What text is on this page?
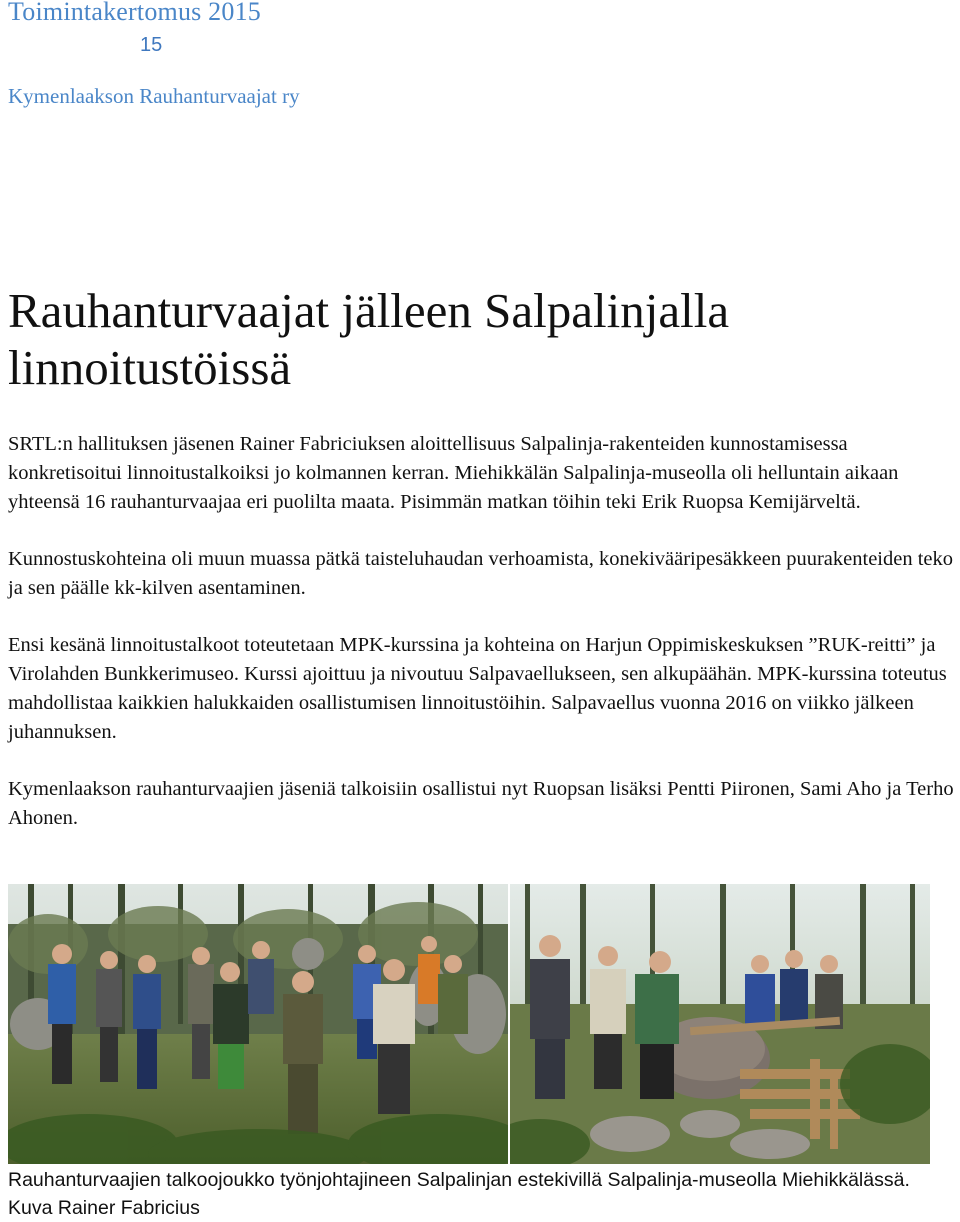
Toimintakertomus 2015
15
Kymenlaakson Rauhanturvaajat ry
Rauhanturvaajat jälleen Salpalinjalla linnoitustöissä

SRTL:n hallituksen jäsenen Rainer Fabriciuksen aloittellisuus Salpalinja-rakenteiden kunnostamisessa konkretisoitui linnoitustalkoiksi jo kolmannen kerran. Miehikkälän Salpalinja-museolla oli helluntain aikaan yhteensä 16 rauhanturvaajaa eri puolilta maata. Pisimmän matkan töihin teki Erik Ruopsa Kemijärveltä.

Kunnostuskohteina oli muun muassa pätkä taisteluhaudan verhoamista, konekivääripesäkkeen puurakenteiden teko ja sen päälle kk-kilven asentaminen.

Ensi kesänä linnoitustalkoot toteutetaan MPK-kurssina ja kohteina on Harjun Oppimiskeskuksen ”RUK-reitti” ja Virolahden Bunkkerimuseo. Kurssi ajoittuu ja nivoutuu Salpavaellukseen, sen alkupäähän. MPK-kurssina toteutus mahdollistaa kaikkien halukkaiden osallistumisen linnoitustöihin. Salpavaellus vuonna 2016 on viikko jälkeen juhannuksen.

Kymenlaakson rauhanturvaajien jäseniä talkoisiin osallistui nyt Ruopsan lisäksi Pentti Piironen, Sami Aho ja Terho Ahonen.

Rauhanturvaajien talkoojoukko työnjohtajineen Salpalinjan estekivillä Salpalinja-museolla Miehikkälässä. Kuva Rainer Fabricius
